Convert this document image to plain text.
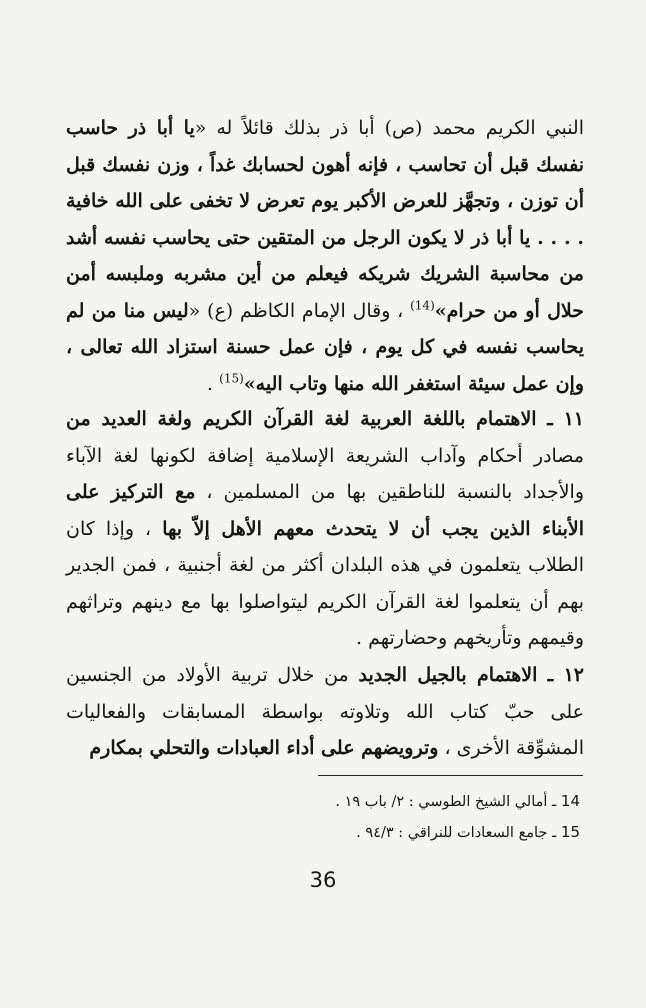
النبي الكريم محمد (ص) أبا ذر بذلك قائلاً له «يا أبا ذر حاسب نفسك قبل أن تحاسب ، فإنه أهون لحسابك غداً ، وزن نفسك قبل أن توزن ، وتجهَّز للعرض الأكبر يوم تعرض لا تخفى على الله خافية . . . . يا أبا ذر لا يكون الرجل من المتقين حتى يحاسب نفسه أشد من محاسبة الشريك شريكه فيعلم من أين مشربه وملبسه أمن حلال أو من حرام»$^{(14)}$ ، وقال الإمام الكاظم (ع) «ليس منا من لم يحاسب نفسه في كل يوم ، فإن عمل حسنة استزاد الله تعالى ، وإن عمل سيئة استغفر الله منها وتاب اليه»$^{(15)}$ .

١١ ـ الاهتمام باللغة العربية لغة القرآن الكريم ولغة العديد من مصادر أحكام وآداب الشريعة الإسلامية إضافة لكونها لغة الآباء والأجداد بالنسبة للناطقين بها من المسلمين ، مع التركيز على الأبناء الذين يجب أن لا يتحدث معهم الأهل إلاّ بها ، وإذا كان الطلاب يتعلمون في هذه البلدان أكثر من لغة أجنبية ، فمن الجدير بهم أن يتعلموا لغة القرآن الكريم ليتواصلوا بها مع دينهم وتراثهم وقيمهم وتأريخهم وحضارتهم .

١٢ ـ الاهتمام بالجيل الجديد من خلال تربية الأولاد من الجنسين على حبّ كتاب الله وتلاوته بواسطة المسابقات والفعاليات المشوِّقة الأخرى ، وترويضهم على أداء العبادات والتحلي بمكارم

14 ـ أمالي الشيخ الطوسي : ٢/ باب ١٩ .

15 ـ جامع السعادات للنراقي : ٩٤/٣ .

36
